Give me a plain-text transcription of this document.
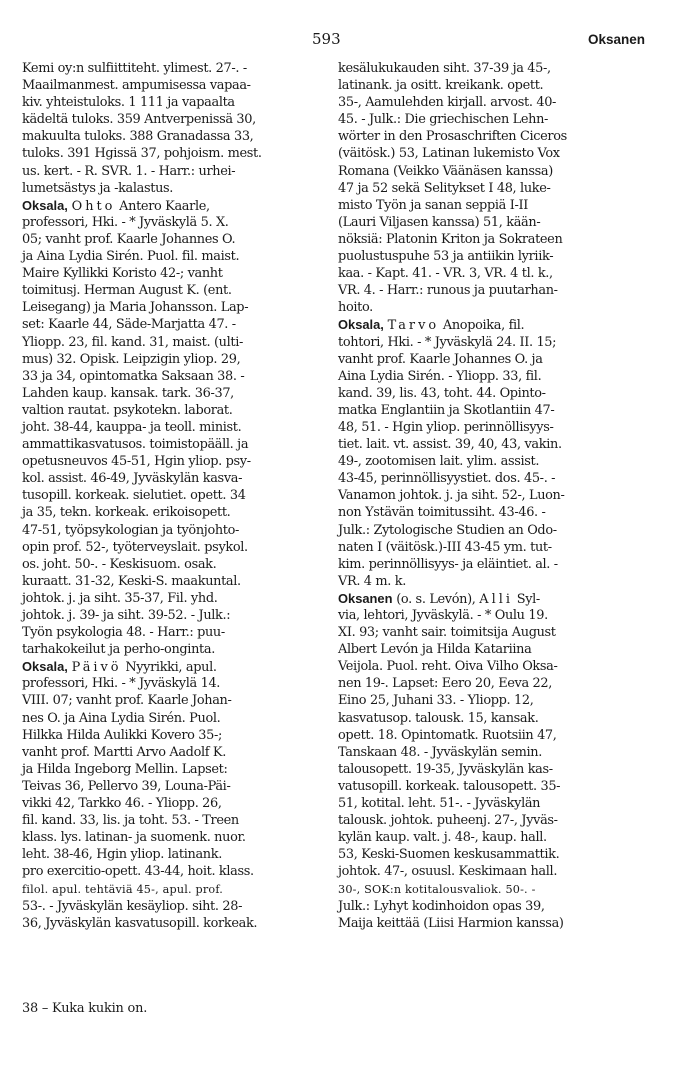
593	Oksanen
Kemi oy:n sulfiittiteht. ylimest. 27-. -
Maailmanmest. ampumisessa vapaa-
kiv. yhteistuloks. 1 111 ja vapaalta
kädeltä tuloks. 359 Antverpenissä 30,
makuulta tuloks. 388 Granadassa 33,
tuloks. 391 Hgissä 37, pohjoism. mest.
us. kert. - R. SVR. 1. - Harr.: urhei-
lumetsästys ja -kalastus.
Oksala, Ohto Antero Kaarle,
professori, Hki. - * Jyväskylä 5. X.
05; vanht prof. Kaarle Johannes O.
ja Aina Lydia Sirén. Puol. fil. maist.
Maire Kyllikki Koristo 42-; vanht
toimitusj. Herman August K. (ent.
Leisegang) ja Maria Johansson. Lap-
set: Kaarle 44, Säde-Marjatta 47. -
Yliopp. 23, fil. kand. 31, maist. (ulti-
mus) 32. Opisk. Leipzigin yliop. 29,
33 ja 34, opintomatka Saksaan 38. -
Lahden kaup. kansak. tark. 36-37,
valtion rautat. psykotekn. laborat.
joht. 38-44, kauppa- ja teoll. minist.
ammattikasvatusos. toimistopääll. ja
opetusneuvos 45-51, Hgin yliop. psy-
kol. assist. 46-49, Jyväskylän kasva-
tusopill. korkeak. sielutiet. opett. 34
ja 35, tekn. korkeak. erikoisopett.
47-51, työpsykologian ja työnjohto-
opin prof. 52-, työterveyslait. psykol.
os. joht. 50-. - Keskisuom. osak.
kuraatt. 31-32, Keski-S. maakuntal.
johtok. j. ja siht. 35-37, Fil. yhd.
johtok. j. 39- ja siht. 39-52. - Julk.:
Työn psykologia 48. - Harr.: puu-
tarhakokeilut ja perho-onginta.
Oksala, Päivö Nyyrikki, apul.
professori, Hki. - * Jyväskylä 14.
VIII. 07; vanht prof. Kaarle Johan-
nes O. ja Aina Lydia Sirén. Puol.
Hilkka Hilda Aulikki Kovero 35-;
vanht prof. Martti Arvo Aadolf K.
ja Hilda Ingeborg Mellin. Lapset:
Teivas 36, Pellervo 39, Louna-Päi-
vikki 42, Tarkko 46. - Yliopp. 26,
fil. kand. 33, lis. ja toht. 53. - Treen
klass. lys. latinan- ja suomenk. nuor.
leht. 38-46, Hgin yliop. latinank.
pro exercitio-opett. 43-44, hoit. klass.
filol. apul. tehtäviä 45-, apul. prof.
53-. - Jyväskylän kesäyliop. siht. 28-
36, Jyväskylän kasvatusopill. korkeak.
kesälukukauden siht. 37-39 ja 45-,
latinank. ja ositt. kreikank. opett.
35-, Aamulehden kirjall. arvost. 40-
45. - Julk.: Die griechischen Lehn-
wörter in den Prosaschriften Ciceros
(väitösk.) 53, Latinan lukemisto Vox
Romana (Veikko Väänäsen kanssa)
47 ja 52 sekä Selitykset I 48, luke-
misto Työn ja sanan seppiä I-II
(Lauri Viljasen kanssa) 51, kään-
nöksiä: Platonin Kriton ja Sokrateen
puolustuspuhe 53 ja antiikin lyriik-
kaa. - Kapt. 41. - VR. 3, VR. 4 tl. k.,
VR. 4. - Harr.: runous ja puutarhan-
hoito.
Oksala, Tarvo Anopoika, fil.
tohtori, Hki. - * Jyväskylä 24. II. 15;
vanht prof. Kaarle Johannes O. ja
Aina Lydia Sirén. - Yliopp. 33, fil.
kand. 39, lis. 43, toht. 44. Opinto-
matka Englantiin ja Skotlantiin 47-
48, 51. - Hgin yliop. perinnöllisyys-
tiet. lait. vt. assist. 39, 40, 43, vakin.
49-, zootomisen lait. ylim. assist.
43-45, perinnöllisyystiet. dos. 45-. -
Vanamon johtok. j. ja siht. 52-, Luon-
non Ystävän toimitussiht. 43-46. -
Julk.: Zytologische Studien an Odo-
naten I (väitösk.)-III 43-45 ym. tut-
kim. perinnöllisyys- ja eläintiet. al. -
VR. 4 m. k.
Oksanen (o. s. Levón), Alli Syl-
via, lehtori, Jyväskylä. - * Oulu 19.
XI. 93; vanht sair. toimitsija August
Albert Levón ja Hilda Katariina
Veijola. Puol. reht. Oiva Vilho Oksa-
nen 19-. Lapset: Eero 20, Eeva 22,
Eino 25, Juhani 33. - Yliopp. 12,
kasvatusop. talousk. 15, kansak.
opett. 18. Opintomatk. Ruotsiin 47,
Tanskaan 48. - Jyväskylän semin.
talousopett. 19-35, Jyväskylän kas-
vatusopill. korkeak. talousopett. 35-
51, kotital. leht. 51-. - Jyväskylän
talousk. johtok. puheenj. 27-, Jyväs-
kylän kaup. valt. j. 48-, kaup. hall.
53, Keski-Suomen keskusammattik.
johtok. 47-, osuusl. Keskimaan hall.
30-, SOK:n kotitalousvaliok. 50-. -
Julk.: Lyhyt kodinhoidon opas 39,
Maija keittää (Liisi Harmion kanssa)
38 – Kuka kukin on.
